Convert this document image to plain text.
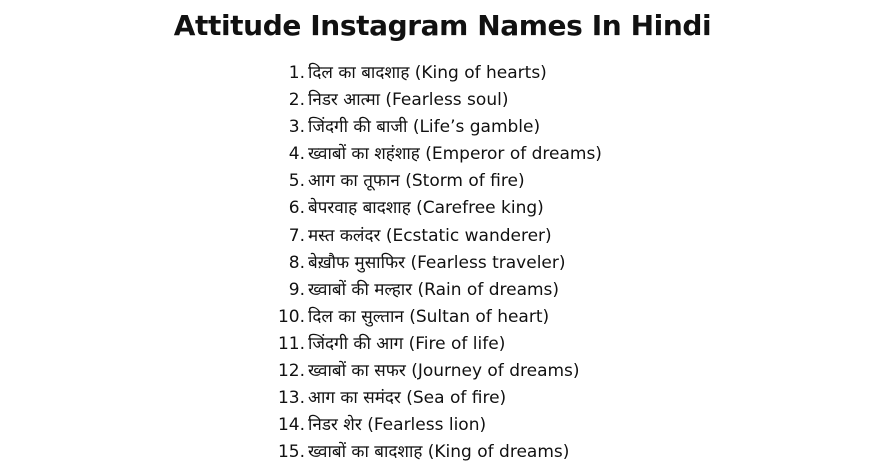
Attitude Instagram Names In Hindi
1. दिल का बादशाह (King of hearts)
2. निडर आत्मा (Fearless soul)
3. जिंदगी की बाजी (Life’s gamble)
4. ख्वाबों का शहंशाह (Emperor of dreams)
5. आग का तूफान (Storm of fire)
6. बेपरवाह बादशाह (Carefree king)
7. मस्त कलंदर (Ecstatic wanderer)
8. बेख़ौफ मुसाफिर (Fearless traveler)
9. ख्वाबों की मल्हार (Rain of dreams)
10. दिल का सुल्तान (Sultan of heart)
11. जिंदगी की आग (Fire of life)
12. ख्वाबों का सफर (Journey of dreams)
13. आग का समंदर (Sea of fire)
14. निडर शेर (Fearless lion)
15. ख्वाबों का बादशाह (King of dreams)
